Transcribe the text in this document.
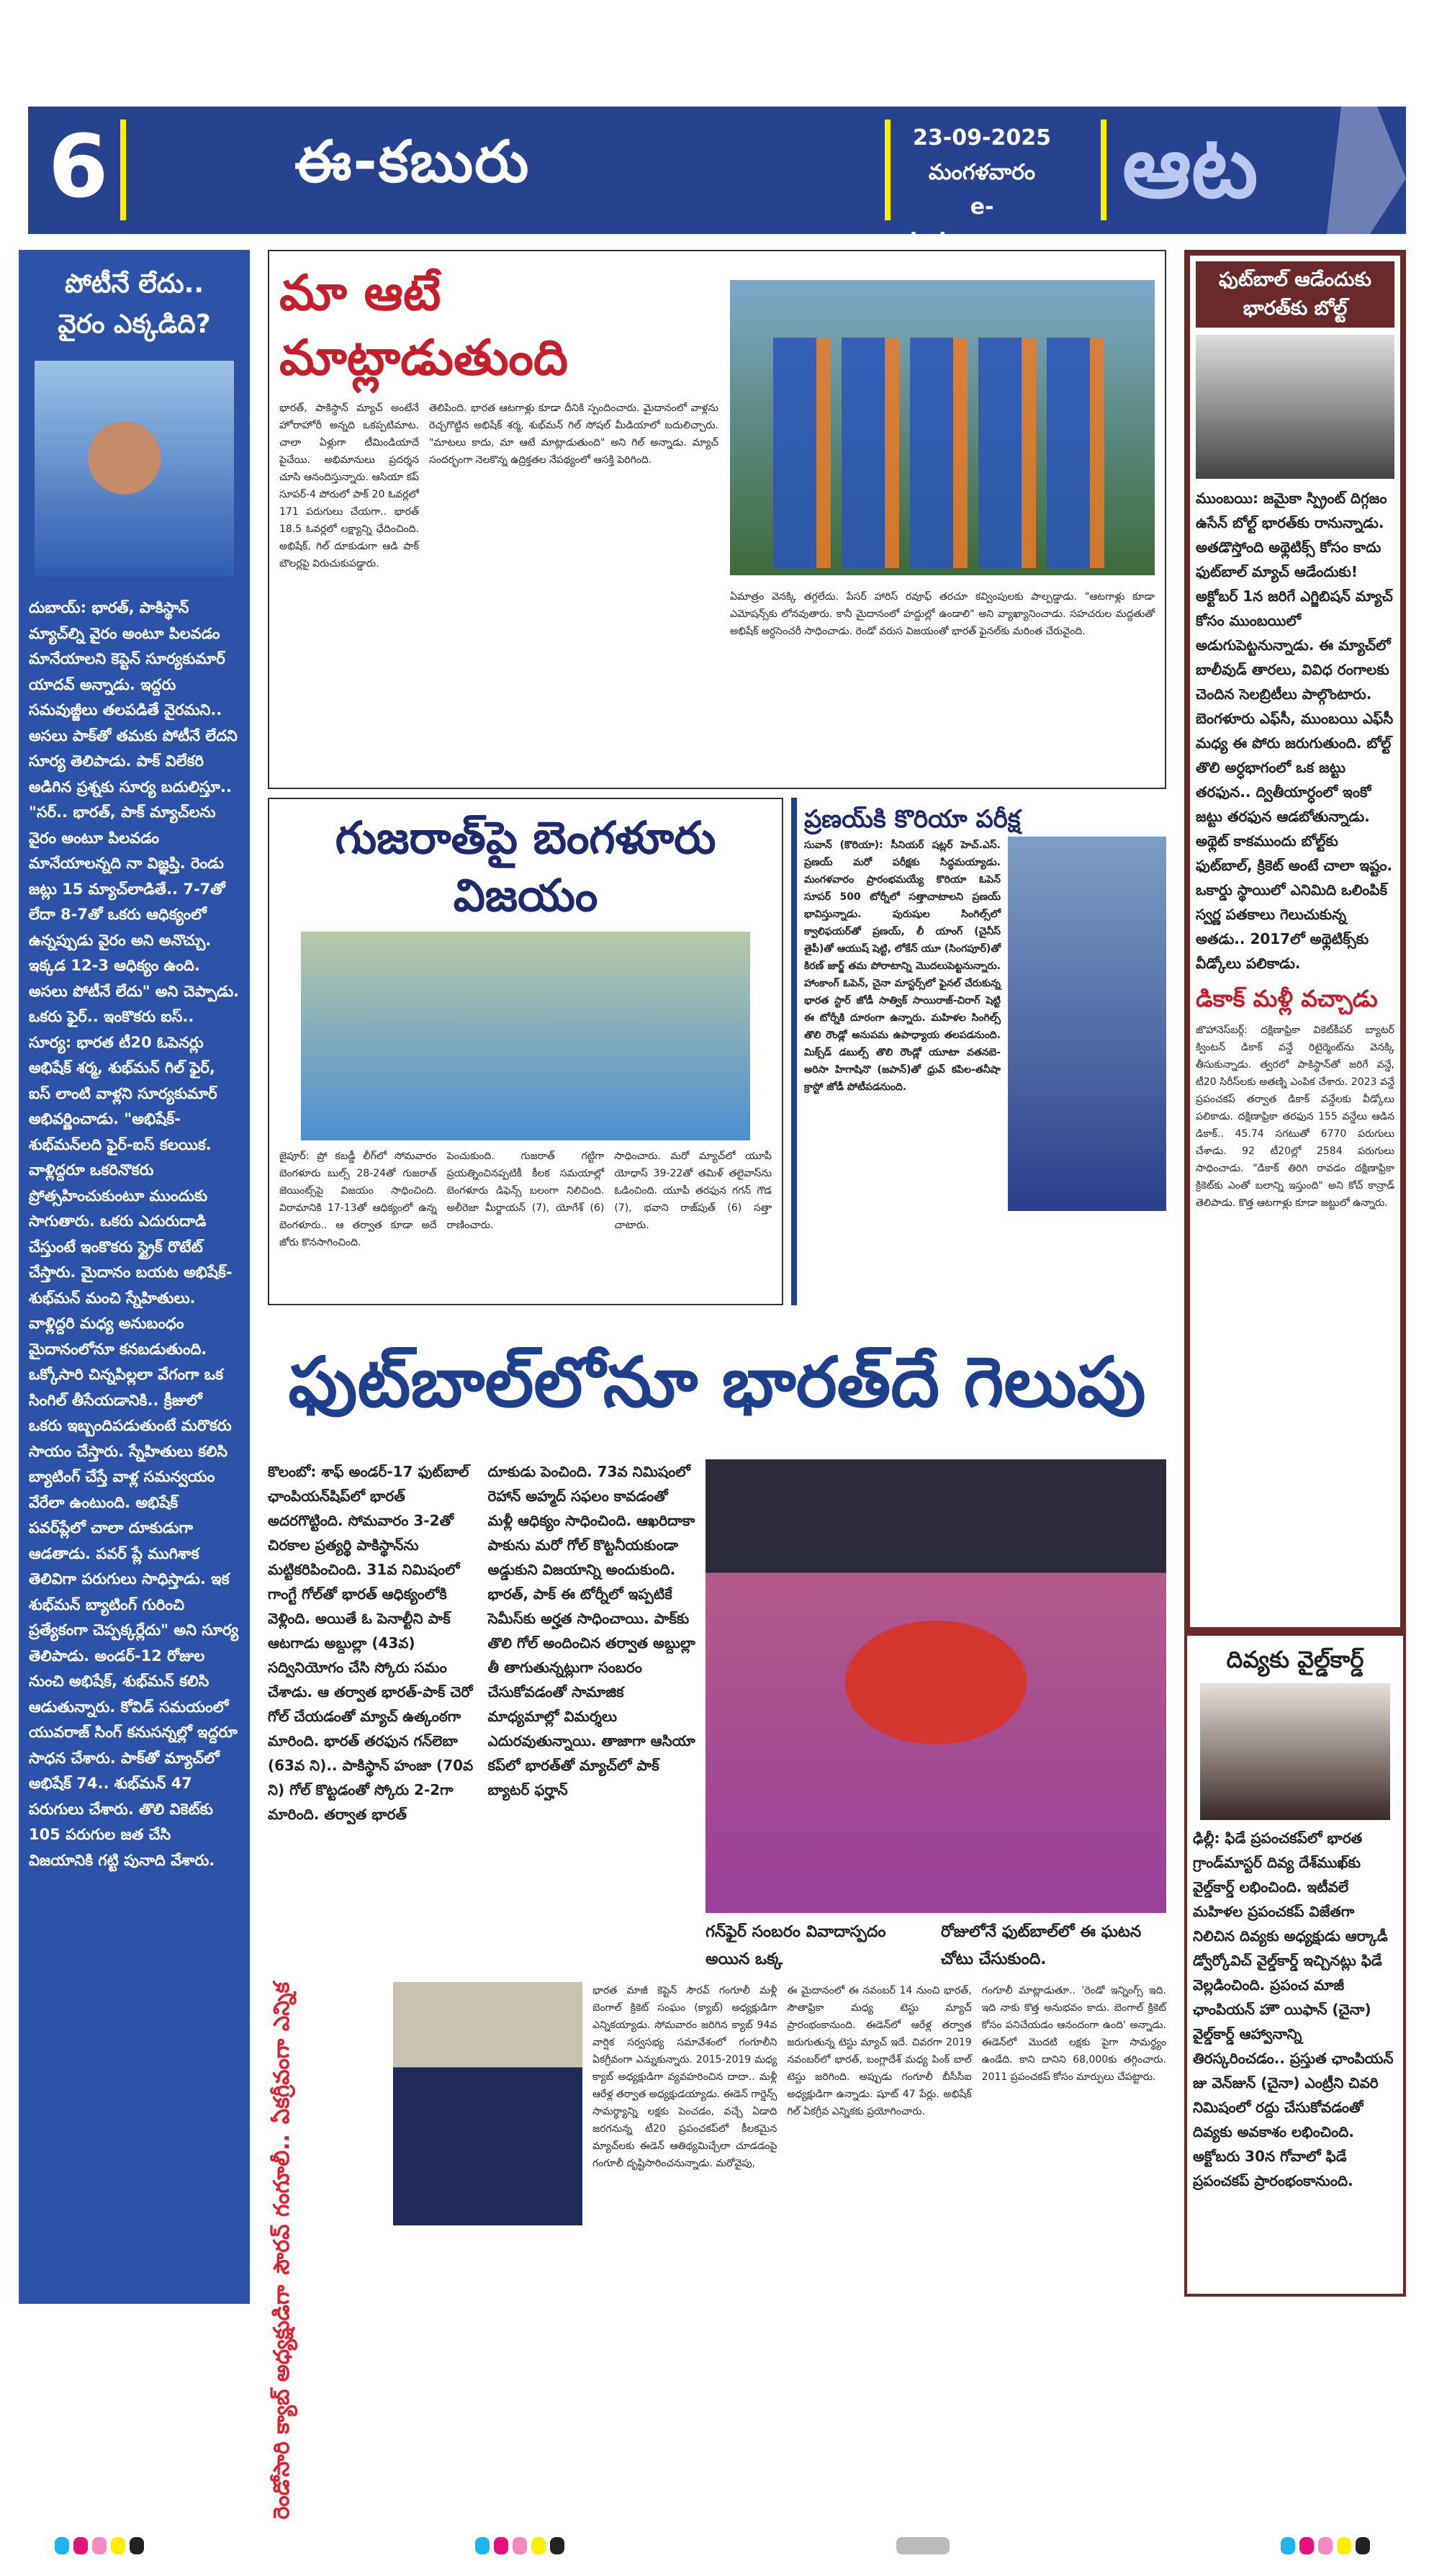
6	ఈ-కబురు	23-09-2025
మంగళవారం
e-kaburu.com
ఆట
పోటీనే లేదు..
వైరం ఎక్కడిది?
దుబాయ్: భారత్, పాకిస్థాన్ మ్యాచ్‌ల్ని వైరం అంటూ పిలవడం మానేయాలని కెప్టెన్ సూర్యకుమార్ యాదవ్ అన్నాడు. ఇద్దరు సమవుజ్జీలు తలపడితే వైరమని.. అసలు పాక్‌తో తమకు పోటీనే లేదని సూర్య తెలిపాడు. పాక్ విలేకరి అడిగిన ప్రశ్నకు సూర్య బదులిస్తూ.. "సర్.. భారత్, పాక్ మ్యాచ్‌లను వైరం అంటూ పిలవడం మానేయాలన్నది నా విజ్ఞప్తి. రెండు జట్లు 15 మ్యాచ్‌లాడితే.. 7-7తో లేదా 8-7తో ఒకరు ఆధిక్యంలో ఉన్నప్పుడు వైరం అని అనొచ్చు. ఇక్కడ 12-3 ఆధిక్యం ఉంది. అసలు పోటీనే లేదు" అని చెప్పాడు. ఒకరు ఫైర్.. ఇంకొకరు ఐస్.. సూర్య: భారత టీ20 ఓపెనర్లు అభిషేక్ శర్మ, శుభ్‌మన్ గిల్ ఫైర్, ఐస్ లాంటి వాళ్లని సూర్యకుమార్ అభివర్ణించాడు. "అభిషేక్-శుభ్‌మన్‌లది ఫైర్-ఐస్ కలయిక. వాళ్లిద్దరూ ఒకరినొకరు ప్రోత్సహించుకుంటూ ముందుకు సాగుతారు. ఒకరు ఎదురుదాడి చేస్తుంటే ఇంకొకరు స్ట్రైక్ రొటేట్ చేస్తారు. మైదానం బయట అభిషేక్-శుభ్‌మన్ మంచి స్నేహితులు. వాళ్లిద్దరి మధ్య అనుబంధం మైదానంలోనూ కనబడుతుంది. ఒక్కోసారి చిన్నపిల్లలా వేగంగా ఒక సింగిల్ తీసేయడానికి.. క్రీజులో ఒకరు ఇబ్బందిపడుతుంటే మరొకరు సాయం చేస్తారు. స్నేహితులు కలిసి బ్యాటింగ్ చేస్తే వాళ్ల సమన్వయం వేరేలా ఉంటుంది. అభిషేక్ పవర్‌ప్లేలో చాలా దూకుడుగా ఆడతాడు. పవర్ ప్లే ముగిశాక తెలివిగా పరుగులు సాధిస్తాడు. ఇక శుభ్‌మన్ బ్యాటింగ్ గురించి ప్రత్యేకంగా చెప్పక్కర్లేదు" అని సూర్య తెలిపాడు. అండర్-12 రోజుల నుంచి అభిషేక్, శుభ్‌మన్ కలిసి ఆడుతున్నారు. కోవిడ్ సమయంలో యువరాజ్ సింగ్ కనుసన్నల్లో ఇద్దరూ సాధన చేశారు. పాక్‌తో మ్యాచ్‌లో అభిషేక్ 74.. శుభ్‌మన్ 47 పరుగులు చేశారు. తొలి వికెట్‌కు 105 పరుగుల జత చేసి విజయానికి గట్టి పునాది వేశారు.
మా ఆటే మాట్లాడుతుంది
భారత్, పాకిస్థాన్ మ్యాచ్ అంటేనే హోరాహోరీ అన్నది ఒకప్పటిమాట. చాలా ఏళ్లుగా టీమిండియాదే పైచేయి. అభిమానులు ప్రదర్శన చూసి ఆనందిస్తున్నారు. ఆసియా కప్ సూపర్-4 పోరులో పాక్ 20 ఓవర్లలో 171 పరుగులు చేయగా.. భారత్ 18.5 ఓవర్లలో లక్ష్యాన్ని ఛేదించింది. అభిషేక్, గిల్ దూకుడుగా ఆడి పాక్ బౌలర్లపై విరుచుకుపడ్డారు.
తెలిపింది. భారత ఆటగాళ్లు కూడా దీనికి స్పందించారు. మైదానంలో వాళ్లను రెచ్చగొట్టిన అభిషేక్ శర్మ, శుభ్‌మన్ గిల్ సోషల్ మీడియాలో బదులిచ్చారు. "మాటలు కాదు, మా ఆటే మాట్లాడుతుంది" అని గిల్ అన్నాడు. మ్యాచ్ సందర్భంగా నెలకొన్న ఉద్రిక్తతల నేపథ్యంలో ఆసక్తి పెరిగింది.
ఏమాత్రం వెనక్కి తగ్గలేదు. పేసర్ హారిస్ రవూఫ్ తరచూ కవ్వింపులకు పాల్పడ్డాడు. "ఆటగాళ్లు కూడా ఎమోషన్స్‌కు లోనవుతారు. కానీ మైదానంలో హద్దుల్లో ఉండాలి" అని వ్యాఖ్యానించాడు. సహచరుల మద్దతుతో అభిషేక్ అర్ధసెంచరీ సాధించాడు. రెండో వరుస విజయంతో భారత్ ఫైనల్‌కు మరింత చేరువైంది.
గుజరాత్‌పై బెంగళూరు విజయం
జైపూర్: ప్రో కబడ్డీ లీగ్‌లో సోమవారం బెంగళూరు బుల్స్ 28-24తో గుజరాత్ జెయింట్స్‌పై విజయం సాధించింది. విరామానికి 17-13తో ఆధిక్యంలో ఉన్న బెంగళూరు.. ఆ తర్వాత కూడా అదే జోరు కొనసాగించింది.
పెంచుకుంది. గుజరాత్ గట్టిగా ప్రయత్నించినప్పటికీ కీలక సమయాల్లో బెంగళూరు డిఫెన్స్ బలంగా నిలిచింది. అలీరెజా మీర్జాయన్ (7), యోగేశ్ (6) రాణించారు.
సాధించారు. మరో మ్యాచ్‌లో యూపీ యోధాస్ 39-22తో తమిళ్ తలైవాస్‌ను ఓడించింది. యూపీ తరఫున గగన్ గౌడ (7), భవాని రాజ్‌పుత్ (6) సత్తా చాటారు.
ప్రణయ్‌కి కొరియా పరీక్ష
సువాన్ (కొరియా): సీనియర్ షట్లర్ హెచ్.ఎస్. ప్రణయ్ మరో పరీక్షకు సిద్ధమయ్యాడు. మంగళవారం ప్రారంభమయ్యే కొరియా ఓపెన్ సూపర్ 500 టోర్నీలో సత్తాచాటాలని ప్రణయ్ భావిస్తున్నాడు. పురుషుల సింగిల్స్‌లో క్వాలిఫయర్‌తో ప్రణయ్, లీ యాంగ్ (చైనీస్ తైపీ)తో ఆయుష్ షెట్టి, లోకేన్ యూ (సింగపూర్)తో కిరణ్ జార్జ్ తమ పోరాటాన్ని మొదలుపెట్టనున్నారు. హాంకాంగ్ ఓపెన్, చైనా మాస్టర్స్‌లో ఫైనల్ చేరుకున్న భారత స్టార్ జోడీ సాత్విక్ సాయిరాజ్-చిరాగ్ షెట్టి ఈ టోర్నీకి దూరంగా ఉన్నారు. మహిళల సింగిల్స్ తొలి రౌండ్లో అనుపమ ఉపాధ్యాయ తలపడనుంది. మిక్స్‌డ్ డబుల్స్ తొలి రౌండ్లో యూటా వతనబె-అరిసా హిగాషినొ (జపాన్)తో ధ్రువ్ కపిల-తనీషా క్రాస్టో జోడీ పోటీపడనుంది.
ఫుట్‌బాల్‌లోనూ భారత్‌దే గెలుపు
కొలంబో: శాఫ్ అండర్-17 ఫుట్‌బాల్ ఛాంపియన్‌షిప్‌లో భారత్ అదరగొట్టింది. సోమవారం 3-2తో చిరకాల ప్రత్యర్థి పాకిస్థాన్‌ను మట్టికరిపించింది. 31వ నిమిషంలో గాంగ్టే గోల్‌తో భారత్ ఆధిక్యంలోకి వెళ్లింది. అయితే ఓ పెనాల్టీని పాక్ ఆటగాడు అబ్దుల్లా (43వ) సద్వినియోగం చేసి స్కోరు సమం చేశాడు. ఆ తర్వాత భారత్-పాక్ చెరో గోల్ చేయడంతో మ్యాచ్ ఉత్కంఠగా మారింది. భారత్ తరఫున గన్‌లెబా (63వ ని).. పాకిస్థాన్ హంజా (70వ ని) గోల్ కొట్టడంతో స్కోరు 2-2గా మారింది. తర్వాత భారత్
దూకుడు పెంచింది. 73వ నిమిషంలో రెహాన్ అహ్మద్ సఫలం కావడంతో మళ్లీ ఆధిక్యం సాధించింది. ఆఖరిదాకా పాకును మరో గోల్ కొట్టనీయకుండా అడ్డుకుని విజయాన్ని అందుకుంది. భారత్, పాక్ ఈ టోర్నీలో ఇప్పటికే సెమీస్‌కు అర్హత సాధించాయి. పాక్‌కు తొలి గోల్ అందించిన తర్వాత అబ్దుల్లా తీ తాగుతున్నట్లుగా సంబరం చేసుకోవడంతో సామాజిక మాధ్యమాల్లో విమర్శలు ఎదురవుతున్నాయి. తాజాగా ఆసియా కప్‌లో భారత్‌తో మ్యాచ్‌లో పాక్ బ్యాటర్ ఫర్హాన్
గన్‌ఫైర్ సంబరం వివాదాస్పదం అయిన ఒక్క
రోజులోనే ఫుట్‌బాల్‌లో ఈ ఘటన చోటు చేసుకుంది.
రెండోసారి క్యాబ్ అధ్యక్షుడిగా
సౌరవ్ గంగూలీ..
ఏకగ్రీవంగా ఎన్నిక	భారత మాజీ కెప్టెన్ సౌరవ్ గంగూలీ మళ్లీ బెంగాల్ క్రికెట్ సంఘం (క్యాబ్) అధ్యక్షుడిగా ఎన్నికయ్యాడు. సోమవారం జరిగిన క్యాబ్ 94వ వార్షిక సర్వసభ్య సమావేశంలో గంగూలీని ఏకగ్రీవంగా ఎన్నుకున్నారు. 2015-2019 మధ్య క్యాబ్ అధ్యక్షుడిగా వ్యవహరించిన దాదా.. మళ్లీ ఆరేళ్ల తర్వాత అధ్యక్షుడయ్యాడు. ఈడెన్ గార్డెన్స్ సామర్థ్యాన్ని లక్షకు పెంచడం, వచ్చే ఏడాది జరగనున్న టీ20 ప్రపంచకప్‌లో కీలకమైన మ్యాచ్‌లకు ఈడెన్ ఆతిథ్యమిచ్చేలా చూడడంపై గంగూలీ దృష్టిసారించనున్నాడు. మరోవైపు,
ఈ మైదానంలో ఈ నవంబర్ 14 నుంచి భారత్, సౌతాఫ్రికా మధ్య టెస్టు మ్యాచ్ ప్రారంభంకానుంది. ఈడెన్‌లో ఆరేళ్ల తర్వాత జరుగుతున్న టెస్టు మ్యాచ్ ఇదే. చివరగా 2019 నవంబర్‌లో భారత్, బంగ్లాదేశ్ మధ్య పింక్ బాల్ టెస్టు జరిగింది. అప్పుడు గంగూలీ బీసీసీఐ అధ్యక్షుడిగా ఉన్నాడు. షూట్ 47 పేర్లు. అభిషేక్ గిల్ ఏకగ్రీవ ఎన్నికకు ప్రయోగించారు.
గంగూలీ మాట్లాడుతూ.. 'రెండో ఇన్నింగ్స్ ఇది. ఇది నాకు కొత్త అనుభవం కాదు. బెంగాల్ క్రికెట్ కోసం పనిచేయడం ఆనందంగా ఉంది' అన్నాడు. ఈడెన్‌లో మొదటి లక్షకు పైగా సామర్థ్యం ఉండేది. కాని దానిని 68,000కు తగ్గించారు. 2011 ప్రపంచకప్ కోసం మార్పులు చేపట్టారు.
ఫుట్‌బాల్ ఆడేందుకు భారత్‌కు బోల్ట్
ముంబయి: జమైకా స్ప్రింట్ దిగ్గజం ఉసేన్ బోల్ట్ భారత్‌కు రానున్నాడు. అతడొస్తోంది అథ్లెటిక్స్ కోసం కాదు ఫుట్‌బాల్ మ్యాచ్ ఆడేందుకు! అక్టోబర్ 1న జరిగే ఎగ్జిబిషన్ మ్యాచ్ కోసం ముంబయిలో అడుగుపెట్టనున్నాడు. ఈ మ్యాచ్‌లో బాలీవుడ్ తారలు, వివిధ రంగాలకు చెందిన సెలబ్రిటీలు పాల్గొంటారు. బెంగళూరు ఎఫ్‌సీ, ముంబయి ఎఫ్‌సీ మధ్య ఈ పోరు జరుగుతుంది. బోల్ట్ తొలి అర్ధభాగంలో ఒక జట్టు తరఫున.. ద్వితీయార్ధంలో ఇంకో జట్టు తరఫున ఆడబోతున్నాడు. అథ్లెట్ కాకముందు బోల్ట్‌కు ఫుట్‌బాల్, క్రికెట్ అంటే చాలా ఇష్టం. ఒకార్డు స్థాయిలో ఎనిమిది ఒలింపిక్ స్వర్ణ పతకాలు గెలుచుకున్న అతడు.. 2017లో అథ్లెటిక్స్‌కు వీడ్కోలు పలికాడు.
డికాక్ మళ్లీ వచ్చాడు
జొహానెస్‌బర్గ్: దక్షిణాఫ్రికా వికెట్‌కీపర్ బ్యాటర్ క్వింటన్ డికాక్ వన్డే రిటైర్మెంట్‌ను వెనక్కి తీసుకున్నాడు. త్వరలో పాకిస్థాన్‌తో జరిగే వన్డే, టీ20 సిరీస్‌లకు అతణ్ని ఎంపిక చేశారు. 2023 వన్డే ప్రపంచకప్ తర్వాత డికాక్ వన్డేలకు వీడ్కోలు పలికాడు. దక్షిణాఫ్రికా తరఫున 155 వన్డేలు ఆడిన డికాక్.. 45.74 సగటుతో 6770 పరుగులు చేశాడు. 92 టీ20ల్లో 2584 పరుగులు సాధించాడు. "డికాక్ తిరిగి రావడం దక్షిణాఫ్రికా క్రికెట్‌కు ఎంతో బలాన్ని ఇస్తుంది" అని కోచ్ కాన్రాడ్ తెలిపాడు. కొత్త ఆటగాళ్లు కూడా జట్టులో ఉన్నారు.
దివ్యకు వైల్డ్‌కార్డ్
ఢిల్లీ: ఫిడే ప్రపంచకప్‌లో భారత గ్రాండ్‌మాస్టర్ దివ్య దేశ్‌ముఖ్‌కు వైల్డ్‌కార్డ్ లభించింది. ఇటీవలే మహిళల ప్రపంచకప్ విజేతగా నిలిచిన దివ్యకు అధ్యక్షుడు ఆర్కాడీ డ్వోర్కోవిచ్ వైల్డ్‌కార్డ్ ఇచ్చినట్లు ఫిడే వెల్లడించింది. ప్రపంచ మాజీ ఛాంపియన్ హౌ యిఫాన్ (చైనా) వైల్డ్‌కార్డ్ ఆహ్వానాన్ని తిరస్కరించడం.. ప్రస్తుత ఛాంపియన్ జు వెన్‌జున్ (చైనా) ఎంట్రీని చివరి నిమిషంలో రద్దు చేసుకోవడంతో దివ్యకు అవకాశం లభించింది. అక్టోబరు 30న గోవాలో ఫిడే ప్రపంచకప్ ప్రారంభంకానుంది.
